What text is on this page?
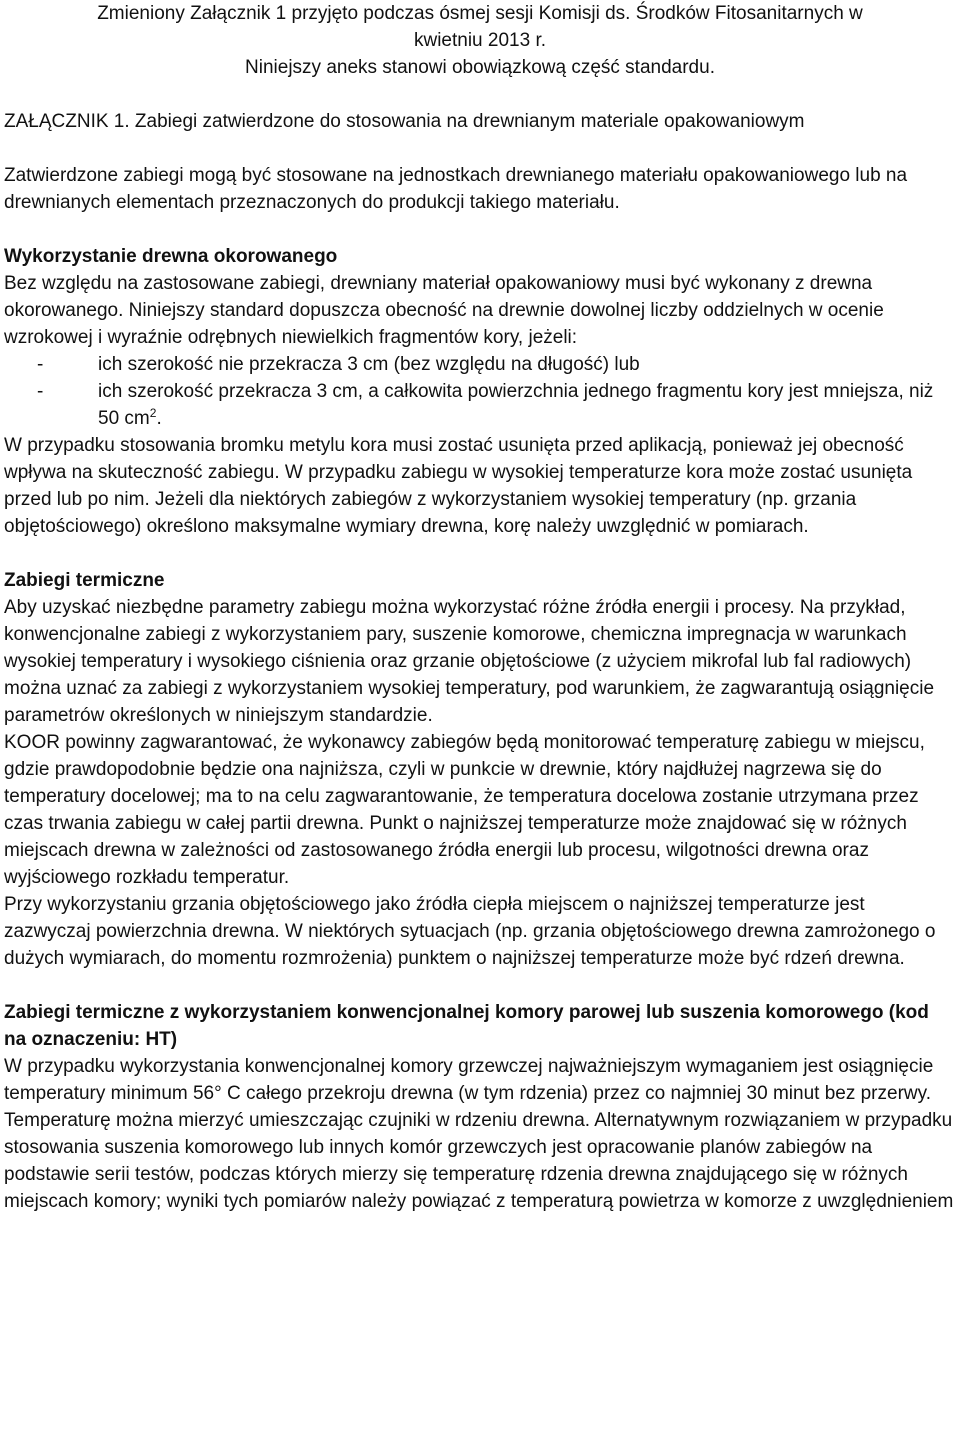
Zmieniony Załącznik 1 przyjęto podczas ósmej sesji Komisji ds. Środków Fitosanitarnych w

kwietniu 2013 r.

Niniejszy aneks stanowi obowiązkową część standardu.

ZAŁĄCZNIK 1. Zabiegi zatwierdzone do stosowania na drewnianym materiale opakowaniowym

Zatwierdzone zabiegi mogą być stosowane na jednostkach drewnianego materiału opakowaniowego lub na drewnianych elementach przeznaczonych do produkcji takiego materiału.

Wykorzystanie drewna okorowanego

Bez względu na zastosowane zabiegi, drewniany materiał opakowaniowy musi być wykonany z drewna okorowanego. Niniejszy standard dopuszcza obecność na drewnie dowolnej liczby oddzielnych w ocenie wzrokowej i wyraźnie odrębnych niewielkich fragmentów kory, jeżeli:

-	ich szerokość nie przekracza 3 cm (bez względu na długość) lub
-	ich szerokość przekracza 3 cm, a całkowita powierzchnia jednego fragmentu kory jest mniejsza, niż 50 $cm^2$.

W przypadku stosowania bromku metylu kora musi zostać usunięta przed aplikacją, ponieważ jej obecność wpływa na skuteczność zabiegu. W przypadku zabiegu w wysokiej temperaturze kora może zostać usunięta przed lub po nim. Jeżeli dla niektórych zabiegów z wykorzystaniem wysokiej temperatury (np. grzania objętościowego) określono maksymalne wymiary drewna, korę należy uwzględnić w pomiarach.

Zabiegi termiczne

Aby uzyskać niezbędne parametry zabiegu można wykorzystać różne źródła energii i procesy. Na przykład, konwencjonalne zabiegi z wykorzystaniem pary, suszenie komorowe, chemiczna impregnacja w warunkach wysokiej temperatury i wysokiego ciśnienia oraz grzanie objętościowe (z użyciem mikrofal lub fal radiowych) można uznać za zabiegi z wykorzystaniem wysokiej temperatury, pod warunkiem, że zagwarantują osiągnięcie parametrów określonych w niniejszym standardzie.

KOOR powinny zagwarantować, że wykonawcy zabiegów będą monitorować temperaturę zabiegu w miejscu, gdzie prawdopodobnie będzie ona najniższa, czyli w punkcie w drewnie, który najdłużej nagrzewa się do temperatury docelowej; ma to na celu zagwarantowanie, że temperatura docelowa zostanie utrzymana przez czas trwania zabiegu w całej partii drewna. Punkt o najniższej temperaturze może znajdować się w różnych miejscach drewna w zależności od zastosowanego źródła energii lub procesu, wilgotności drewna oraz wyjściowego rozkładu temperatur.

Przy wykorzystaniu grzania objętościowego jako źródła ciepła miejscem o najniższej temperaturze jest zazwyczaj powierzchnia drewna. W niektórych sytuacjach (np. grzania objętościowego drewna zamrożonego o dużych wymiarach, do momentu rozmrożenia) punktem o najniższej temperaturze może być rdzeń drewna.

Zabiegi termiczne z wykorzystaniem konwencjonalnej komory parowej lub suszenia komorowego (kod na oznaczeniu: HT)

W przypadku wykorzystania konwencjonalnej komory grzewczej najważniejszym wymaganiem jest osiągnięcie temperatury minimum 56° C całego przekroju drewna (w tym rdzenia) przez co najmniej 30 minut bez przerwy.

Temperaturę można mierzyć umieszczając czujniki w rdzeniu drewna. Alternatywnym rozwiązaniem w przypadku stosowania suszenia komorowego lub innych komór grzewczych jest opracowanie planów zabiegów na podstawie serii testów, podczas których mierzy się temperaturę rdzenia drewna znajdującego się w różnych miejscach komory; wyniki tych pomiarów należy powiązać z temperaturą powietrza w komorze z uwzględnieniem
